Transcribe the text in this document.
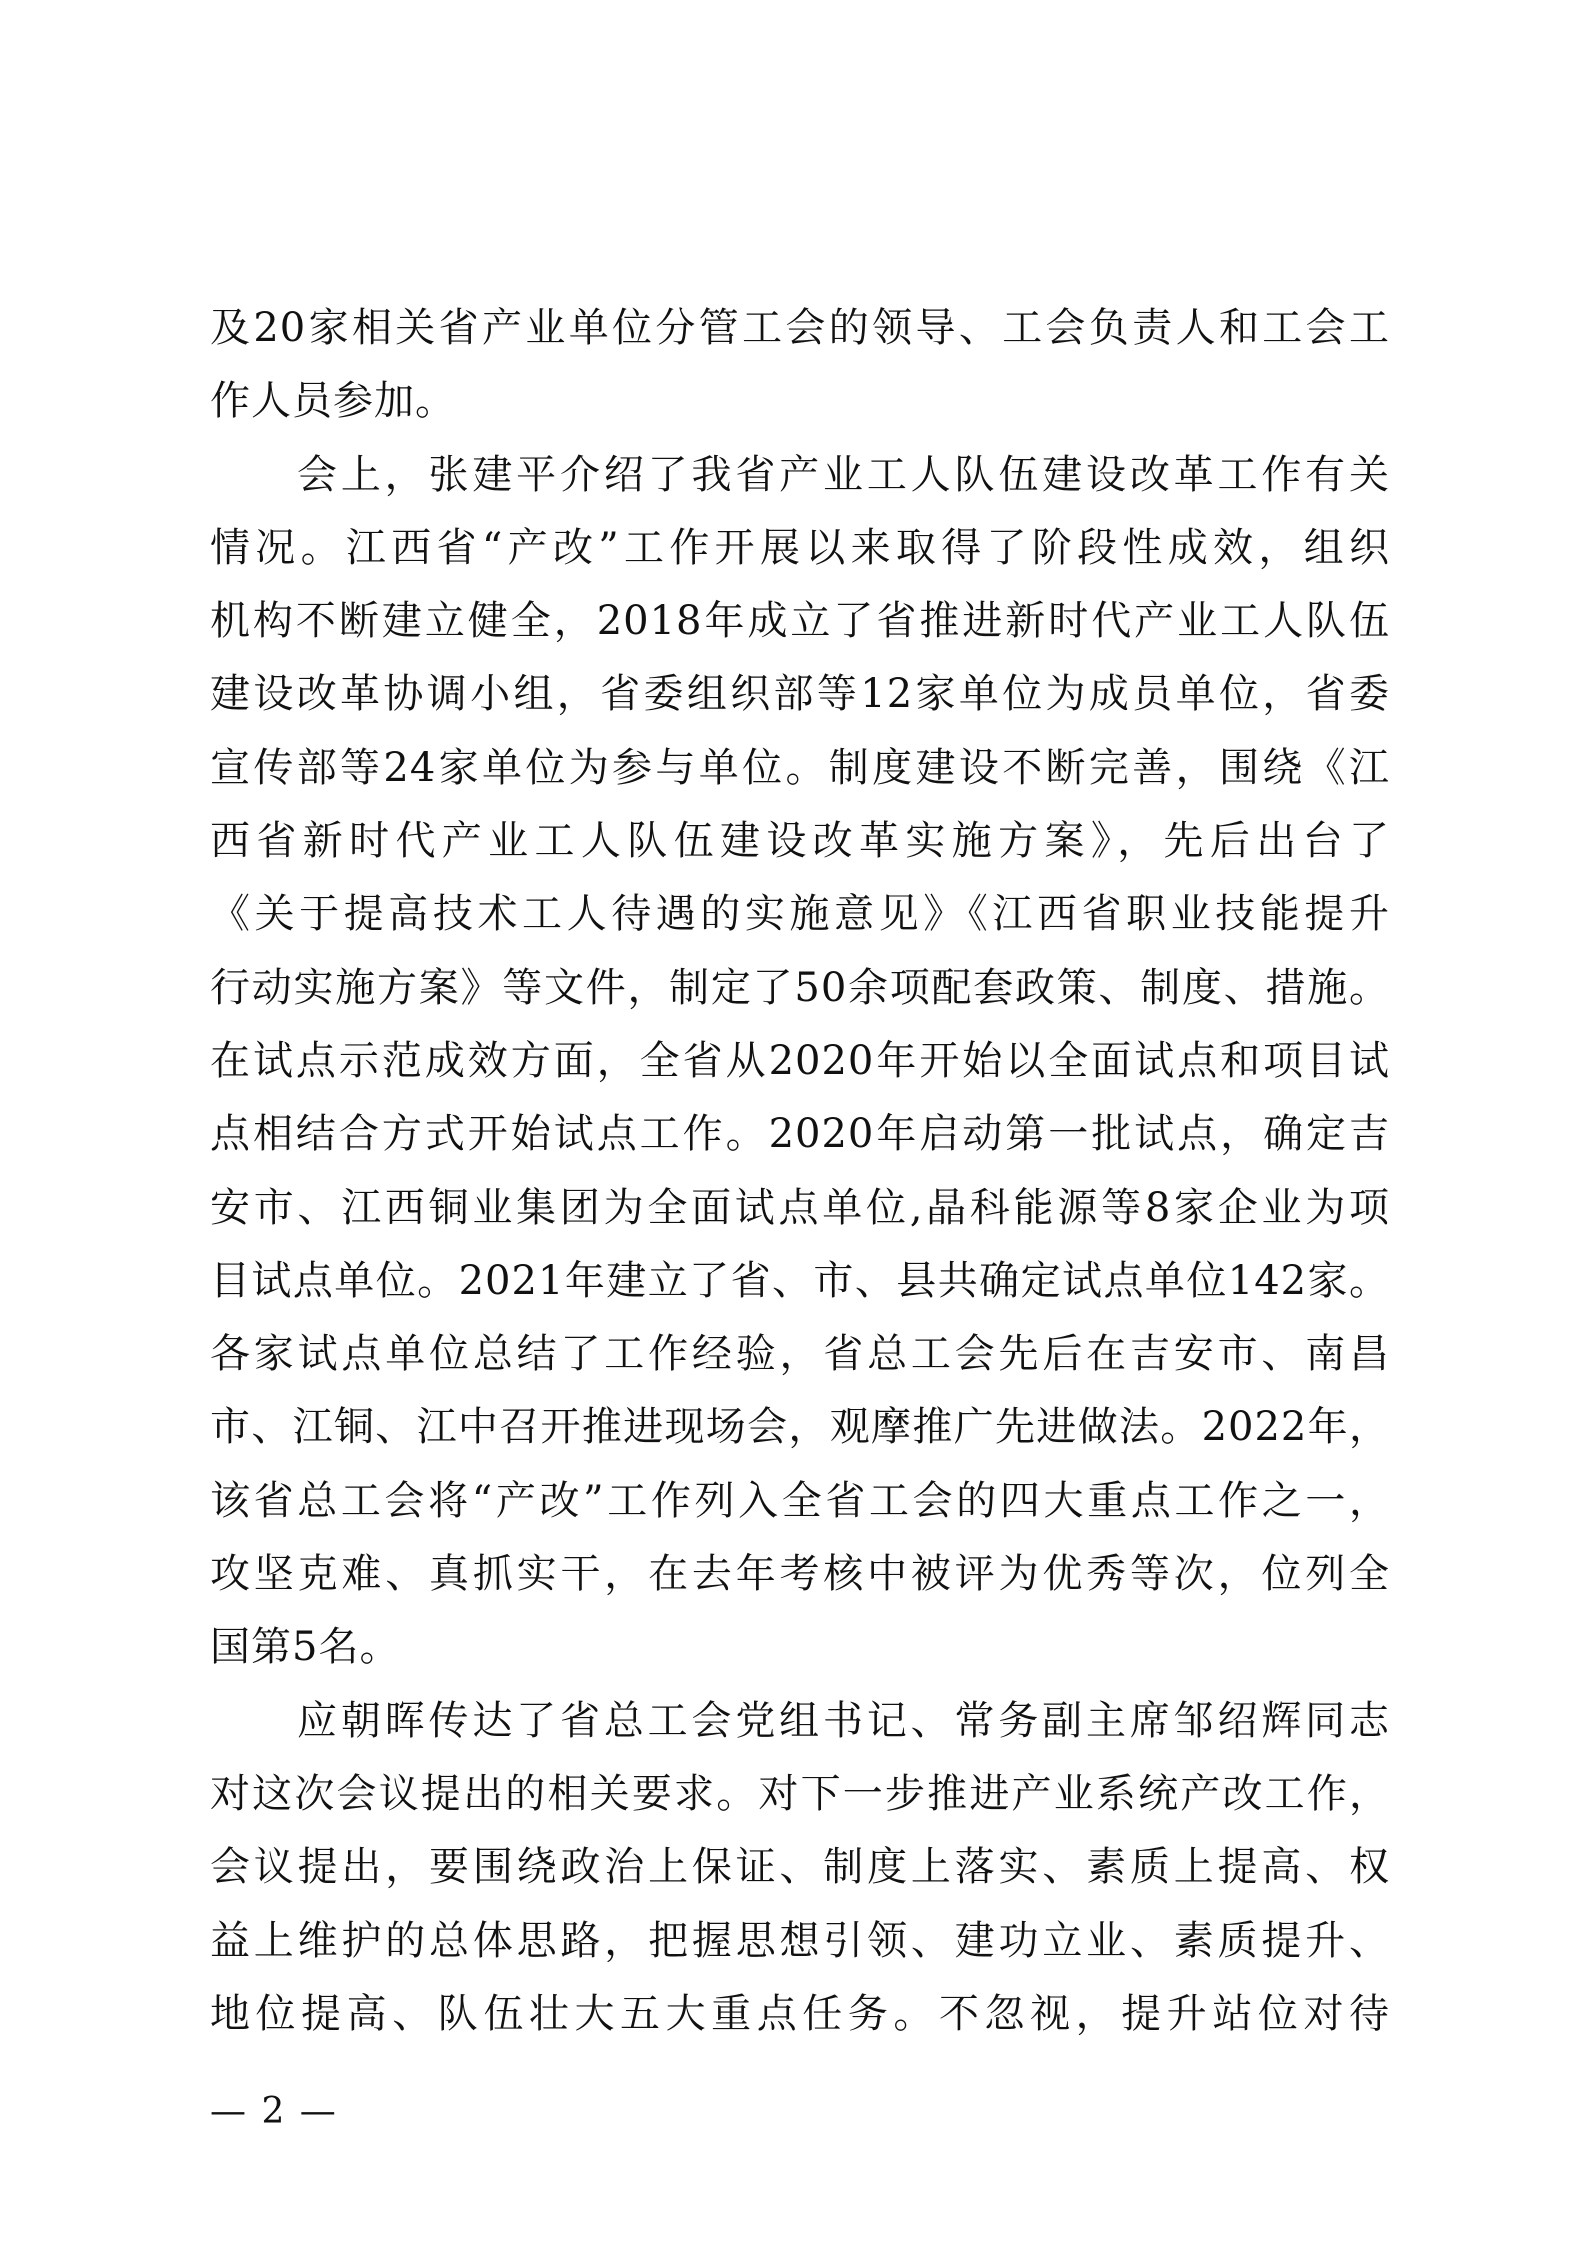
及20家相关省产业单位分管工会的领导、工会负责人和工会工
作人员参加。
会上，张建平介绍了我省产业工人队伍建设改革工作有关
情况。江西省“产改”工作开展以来取得了阶段性成效，组织
机构不断建立健全，2018年成立了省推进新时代产业工人队伍
建设改革协调小组，省委组织部等12家单位为成员单位，省委
宣传部等24家单位为参与单位。制度建设不断完善，围绕《江
西省新时代产业工人队伍建设改革实施方案》，先后出台了
《关于提高技术工人待遇的实施意见》《江西省职业技能提升
行动实施方案》等文件，制定了50余项配套政策、制度、措施。
在试点示范成效方面，全省从2020年开始以全面试点和项目试
点相结合方式开始试点工作。2020年启动第一批试点，确定吉
安市、江西铜业集团为全面试点单位,晶科能源等8家企业为项
目试点单位。2021年建立了省、市、县共确定试点单位142家。
各家试点单位总结了工作经验，省总工会先后在吉安市、南昌
市、江铜、江中召开推进现场会，观摩推广先进做法。2022年，
该省总工会将“产改”工作列入全省工会的四大重点工作之一，
攻坚克难、真抓实干，在去年考核中被评为优秀等次，位列全
国第5名。
应朝晖传达了省总工会党组书记、常务副主席邹绍辉同志
对这次会议提出的相关要求。对下一步推进产业系统产改工作，
会议提出，要围绕政治上保证、制度上落实、素质上提高、权
益上维护的总体思路，把握思想引领、建功立业、素质提升、
地位提高、队伍壮大五大重点任务。不忽视，提升站位对待
— 2 —
